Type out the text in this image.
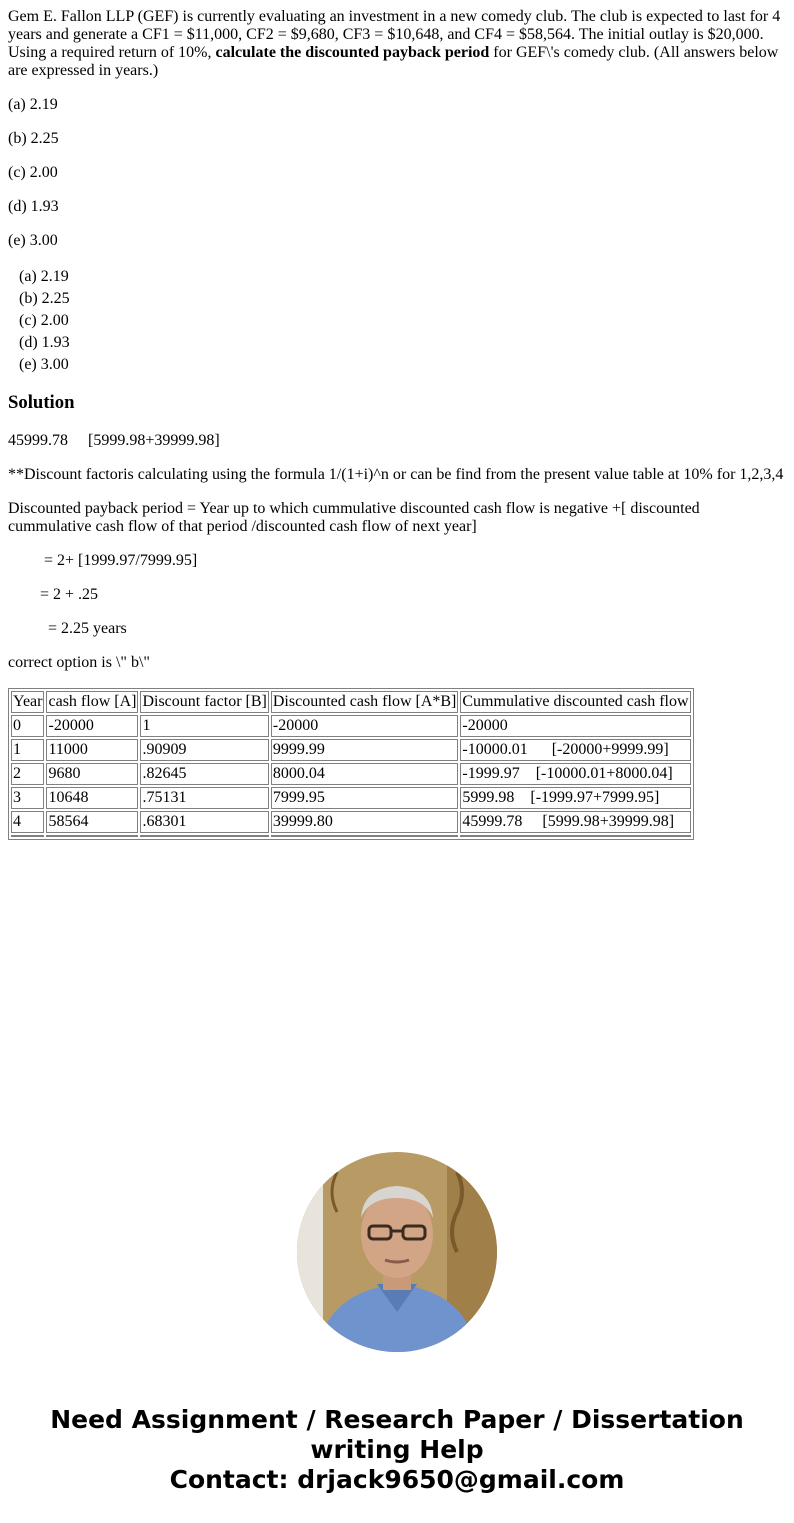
Gem E. Fallon LLP (GEF) is currently evaluating an investment in a new comedy club. The club is expected to last for 4 years and generate a CF1 = $11,000, CF2 = $9,680, CF3 = $10,648, and CF4 = $58,564. The initial outlay is $20,000. Using a required return of 10%, calculate the discounted payback period for GEF\'s comedy club. (All answers below are expressed in years.)

(a) 2.19

(b) 2.25

(c) 2.00

(d) 1.93

(e) 3.00

(a) 2.19
(b) 2.25
(c) 2.00
(d) 1.93
(e) 3.00
Solution

45999.78     [5999.98+39999.98]

**Discount factoris calculating using the formula 1/(1+i)^n or can be find from the present value table at 10% for 1,2,3,4

Discounted payback period = Year up to which cummulative discounted cash flow is negative +[ discounted cummulative cash flow of that period /discounted cash flow of next year]

= 2+ [1999.97/7999.95]

= 2 + .25

= 2.25 years

correct option is \" b\"

Year	cash flow [A]	Discount factor [B]	Discounted cash flow [A*B]	Cummulative discounted cash flow
0	-20000	1	-20000	-20000
1	11000	.90909	9999.99	-10000.01      [-20000+9999.99]
2	9680	.82645	8000.04	-1999.97    [-10000.01+8000.04]
3	10648	.75131	7999.95	5999.98    [-1999.97+7999.95]
4	58564	.68301	39999.80	45999.78     [5999.98+39999.98]

Need Assignment / Research Paper / Dissertation
writing Help
Contact: drjack9650@gmail.com
